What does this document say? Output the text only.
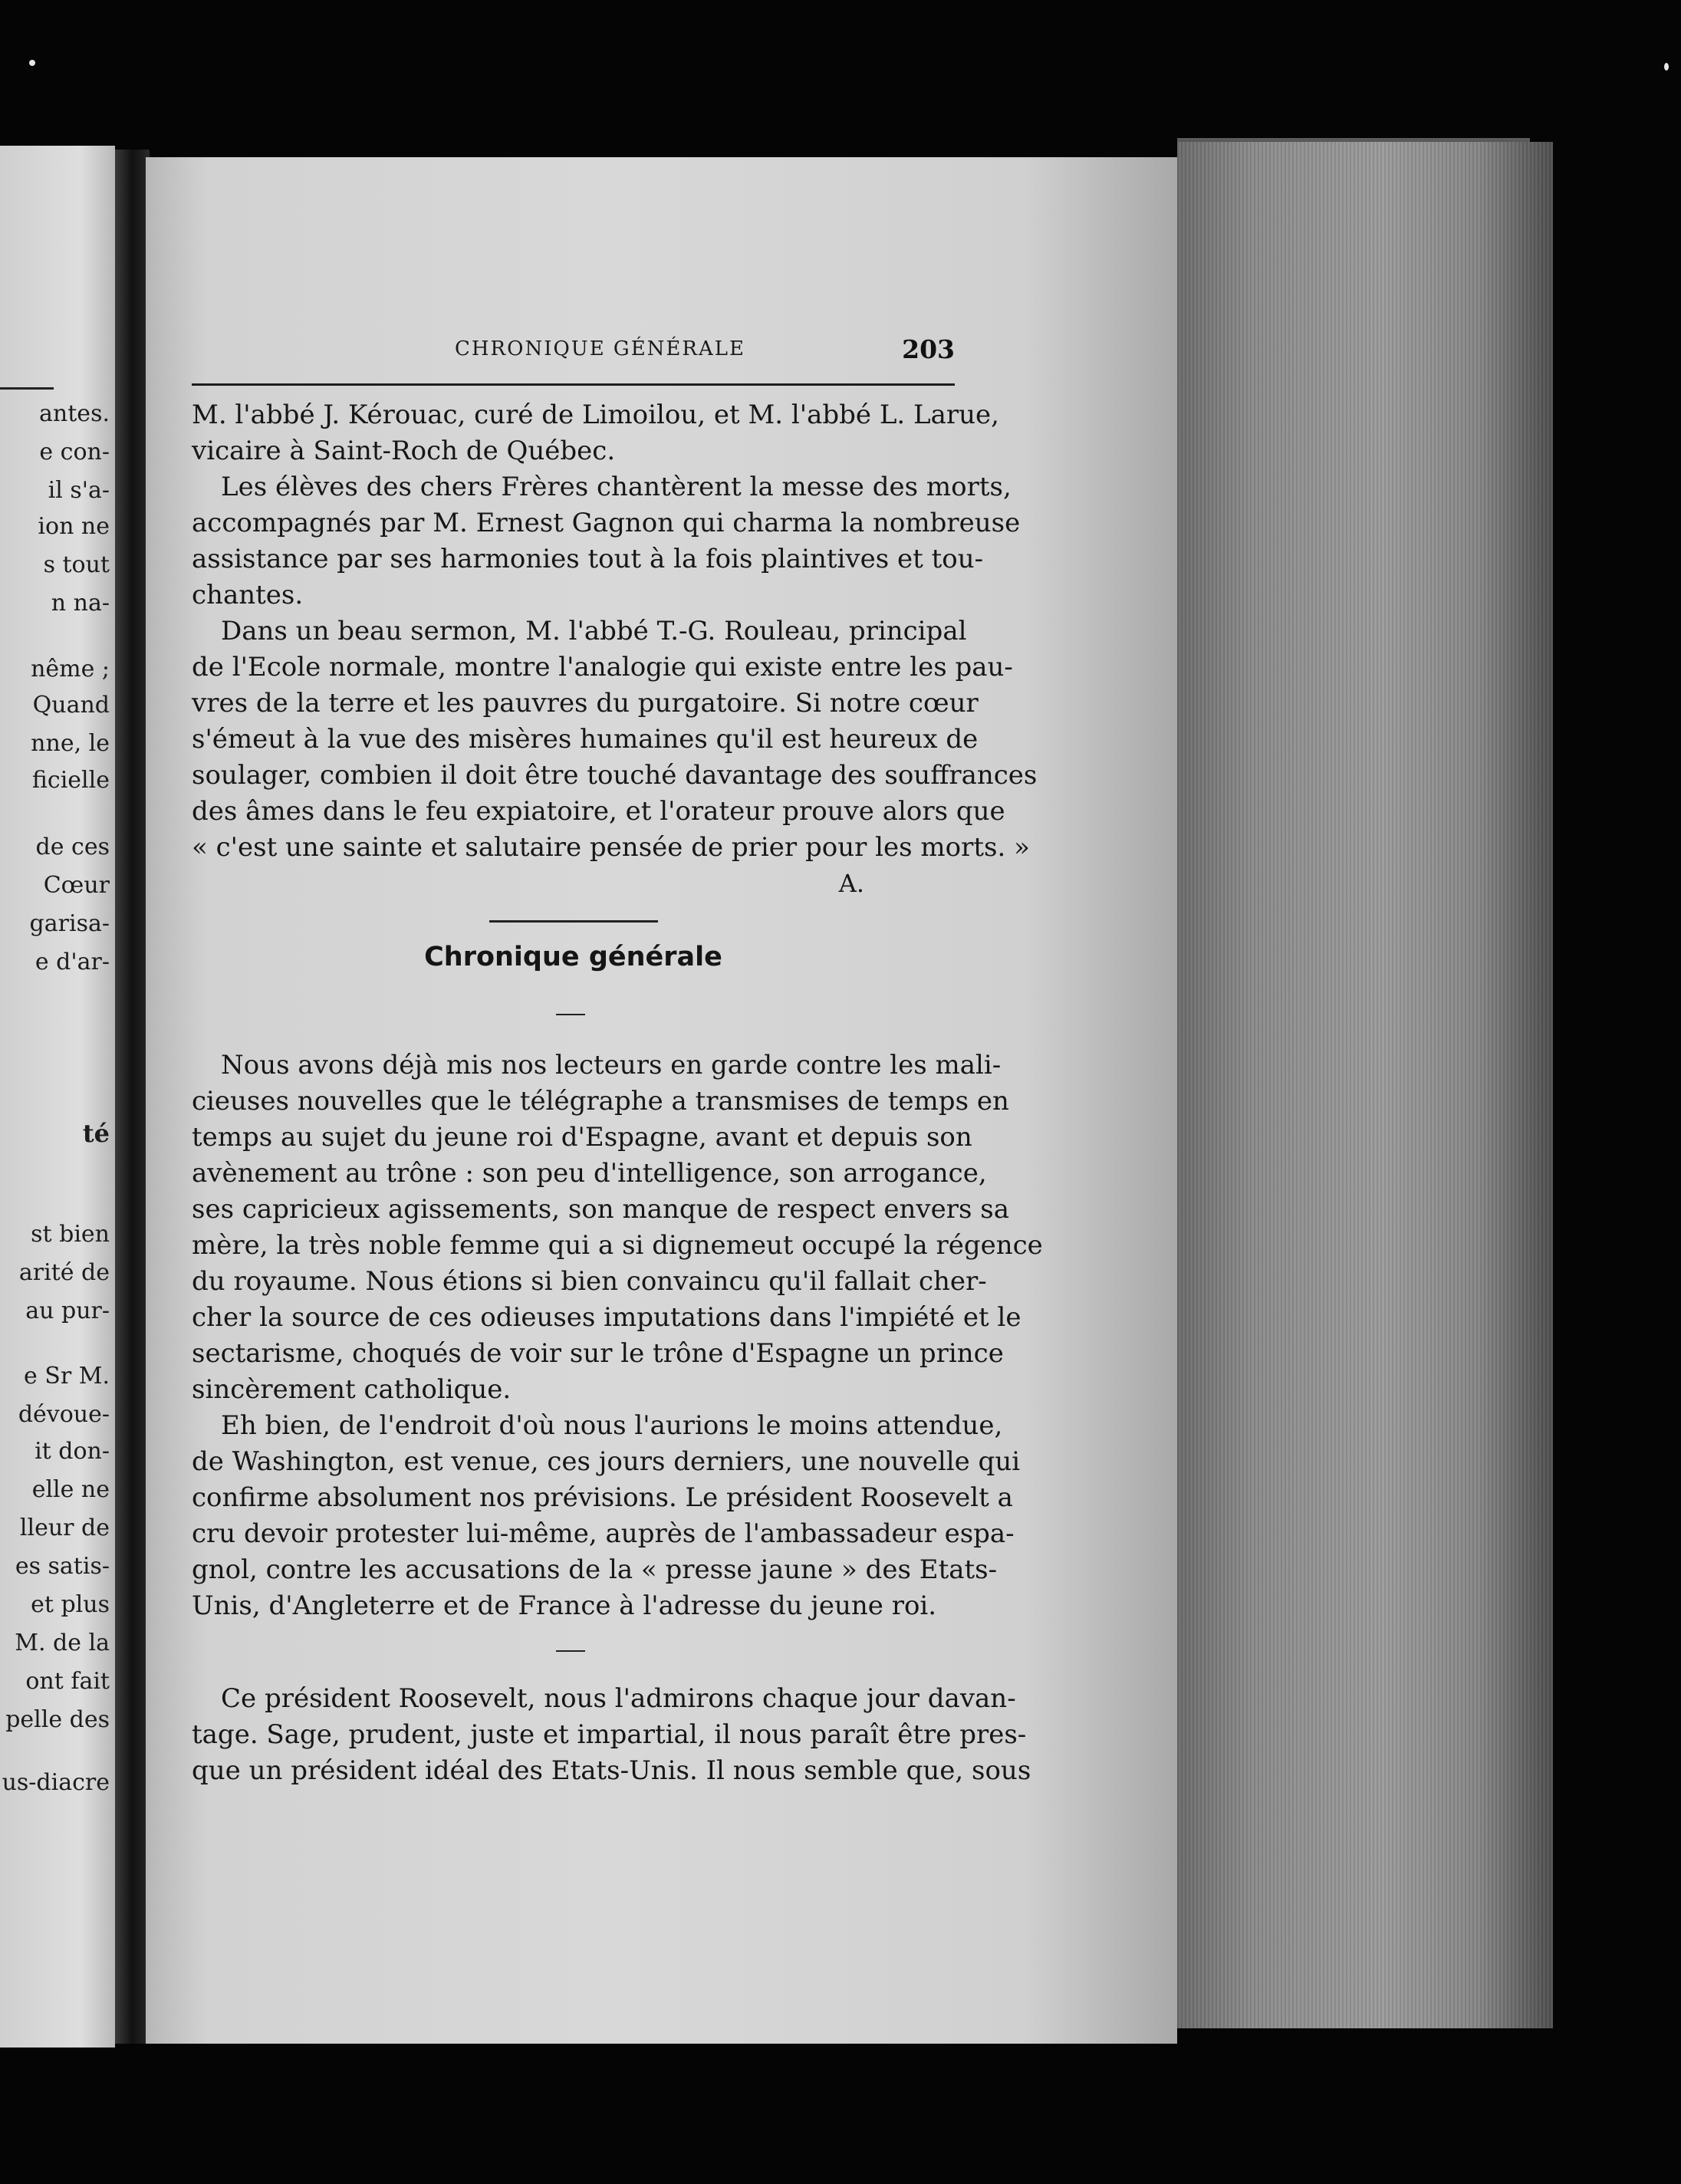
antes.
e con-
il s'a-
ion ne
s tout
n na-
nême ;
Quand
nne, le
ficielle
de ces
Cœur
garisa-
e d'ar-
té
st bien
arité de
au pur-
e Sr M.
dévoue-
it don-
elle ne
lleur de
es satis-
et plus
M. de la
ont fait
pelle des
us-diacre
CHRONIQUE GÉNÉRALE	203
M. l'abbé J. Kérouac, curé de Limoilou, et M. l'abbé L. Larue,
vicaire à Saint-Roch de Québec.
Les élèves des chers Frères chantèrent la messe des morts,
accompagnés par M. Ernest Gagnon qui charma la nombreuse
assistance par ses harmonies tout à la fois plaintives et tou-
chantes.
Dans un beau sermon, M. l'abbé T.-G. Rouleau, principal
de l'Ecole normale, montre l'analogie qui existe entre les pau-
vres de la terre et les pauvres du purgatoire. Si notre cœur
s'émeut à la vue des misères humaines qu'il est heureux de
soulager, combien il doit être touché davantage des souffrances
des âmes dans le feu expiatoire, et l'orateur prouve alors que
« c'est une sainte et salutaire pensée de prier pour les morts. »
A.
Chronique générale
Nous avons déjà mis nos lecteurs en garde contre les mali-
cieuses nouvelles que le télégraphe a transmises de temps en
temps au sujet du jeune roi d'Espagne, avant et depuis son
avènement au trône : son peu d'intelligence, son arrogance,
ses capricieux agissements, son manque de respect envers sa
mère, la très noble femme qui a si dignemeut occupé la régence
du royaume. Nous étions si bien convaincu qu'il fallait cher-
cher la source de ces odieuses imputations dans l'impiété et le
sectarisme, choqués de voir sur le trône d'Espagne un prince
sincèrement catholique.
Eh bien, de l'endroit d'où nous l'aurions le moins attendue,
de Washington, est venue, ces jours derniers, une nouvelle qui
confirme absolument nos prévisions. Le président Roosevelt a
cru devoir protester lui-même, auprès de l'ambassadeur espa-
gnol, contre les accusations de la « presse jaune » des Etats-
Unis, d'Angleterre et de France à l'adresse du jeune roi.
Ce président Roosevelt, nous l'admirons chaque jour davan-
tage. Sage, prudent, juste et impartial, il nous paraît être pres-
que un président idéal des Etats-Unis. Il nous semble que, sous
